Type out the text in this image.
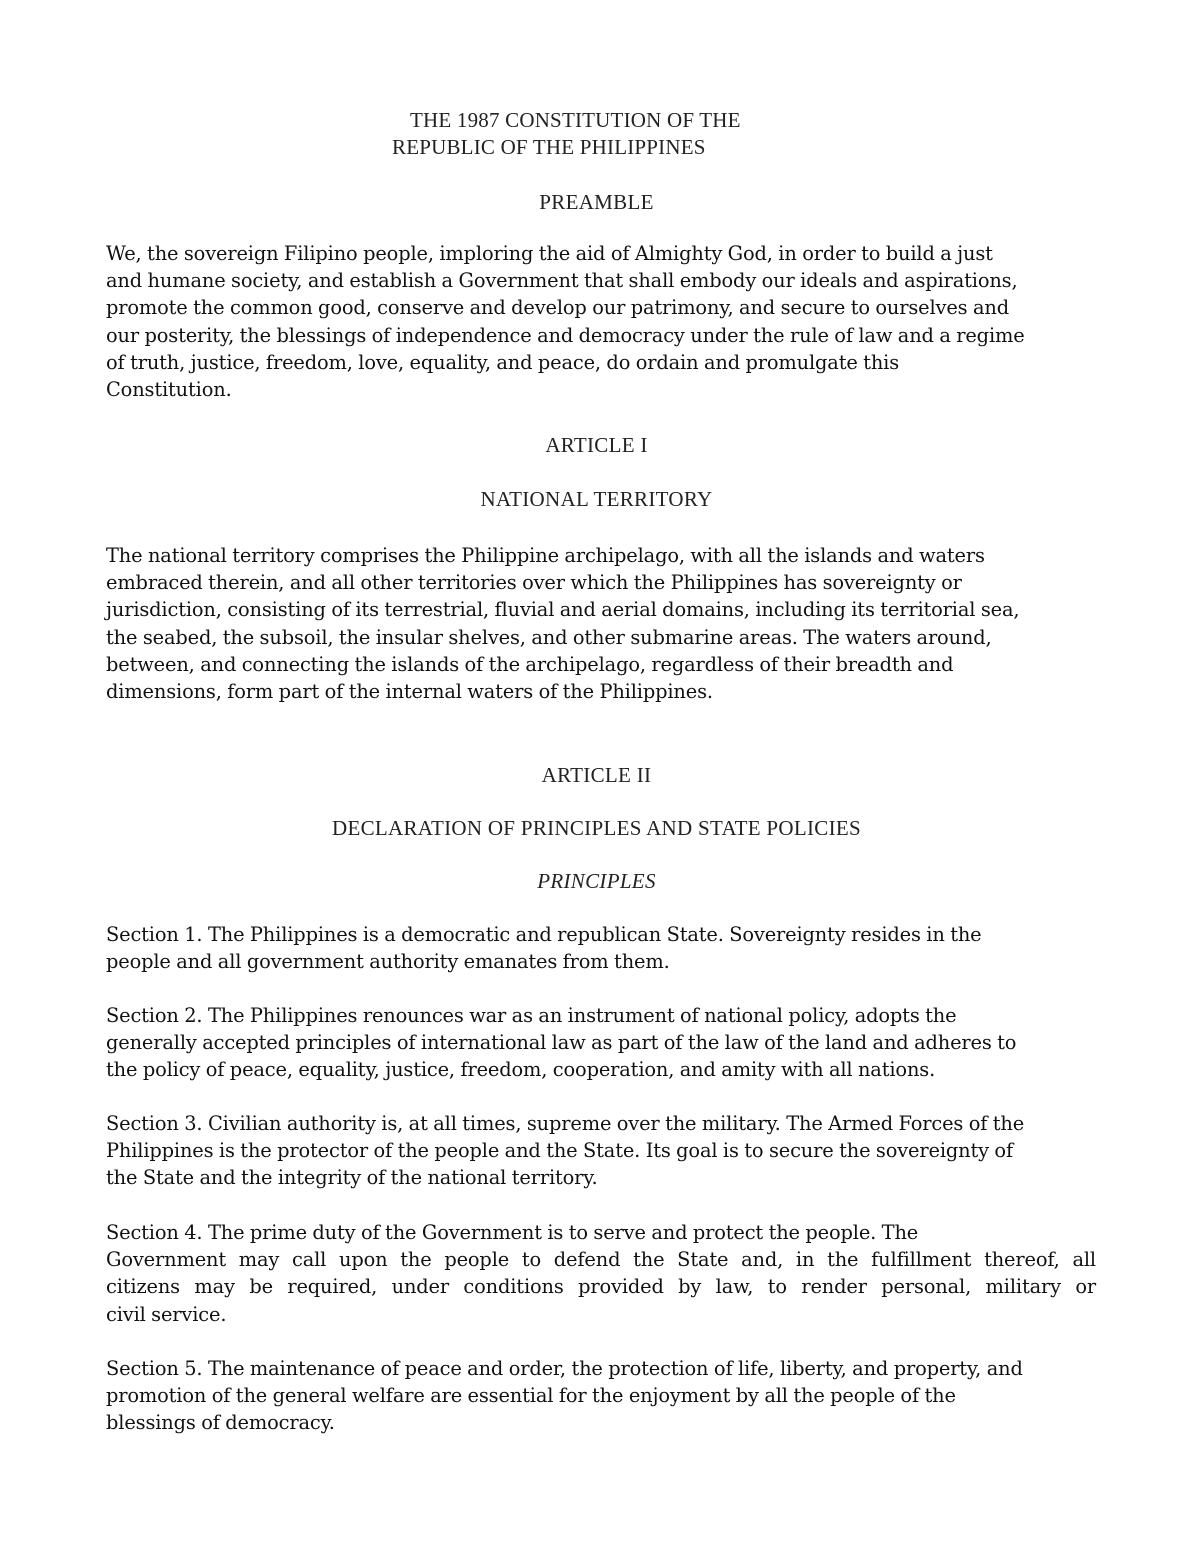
THE 1987 CONSTITUTION OF THE
REPUBLIC OF THE PHILIPPINES
PREAMBLE
We, the sovereign Filipino people, imploring the aid of Almighty God, in order to build a just
and humane society, and establish a Government that shall embody our ideals and aspirations,
promote the common good, conserve and develop our patrimony, and secure to ourselves and
our posterity, the blessings of independence and democracy under the rule of law and a regime
of truth, justice, freedom, love, equality, and peace, do ordain and promulgate this
Constitution.
ARTICLE I
NATIONAL TERRITORY
The national territory comprises the Philippine archipelago, with all the islands and waters
embraced therein, and all other territories over which the Philippines has sovereignty or
jurisdiction, consisting of its terrestrial, fluvial and aerial domains, including its territorial sea,
the seabed, the subsoil, the insular shelves, and other submarine areas. The waters around,
between, and connecting the islands of the archipelago, regardless of their breadth and
dimensions, form part of the internal waters of the Philippines.
ARTICLE II
DECLARATION OF PRINCIPLES AND STATE POLICIES
PRINCIPLES
Section 1. The Philippines is a democratic and republican State. Sovereignty resides in the
people and all government authority emanates from them.
Section 2. The Philippines renounces war as an instrument of national policy, adopts the
generally accepted principles of international law as part of the law of the land and adheres to
the policy of peace, equality, justice, freedom, cooperation, and amity with all nations.
Section 3. Civilian authority is, at all times, supreme over the military. The Armed Forces of the
Philippines is the protector of the people and the State. Its goal is to secure the sovereignty of
the State and the integrity of the national territory.
Section 4. The prime duty of the Government is to serve and protect the people. The
Government may call upon the people to defend the State and, in the fulfillment thereof, all
citizens may be required, under conditions provided by law, to render personal, military or
civil service.
Section 5. The maintenance of peace and order, the protection of life, liberty, and property, and
promotion of the general welfare are essential for the enjoyment by all the people of the
blessings of democracy.
